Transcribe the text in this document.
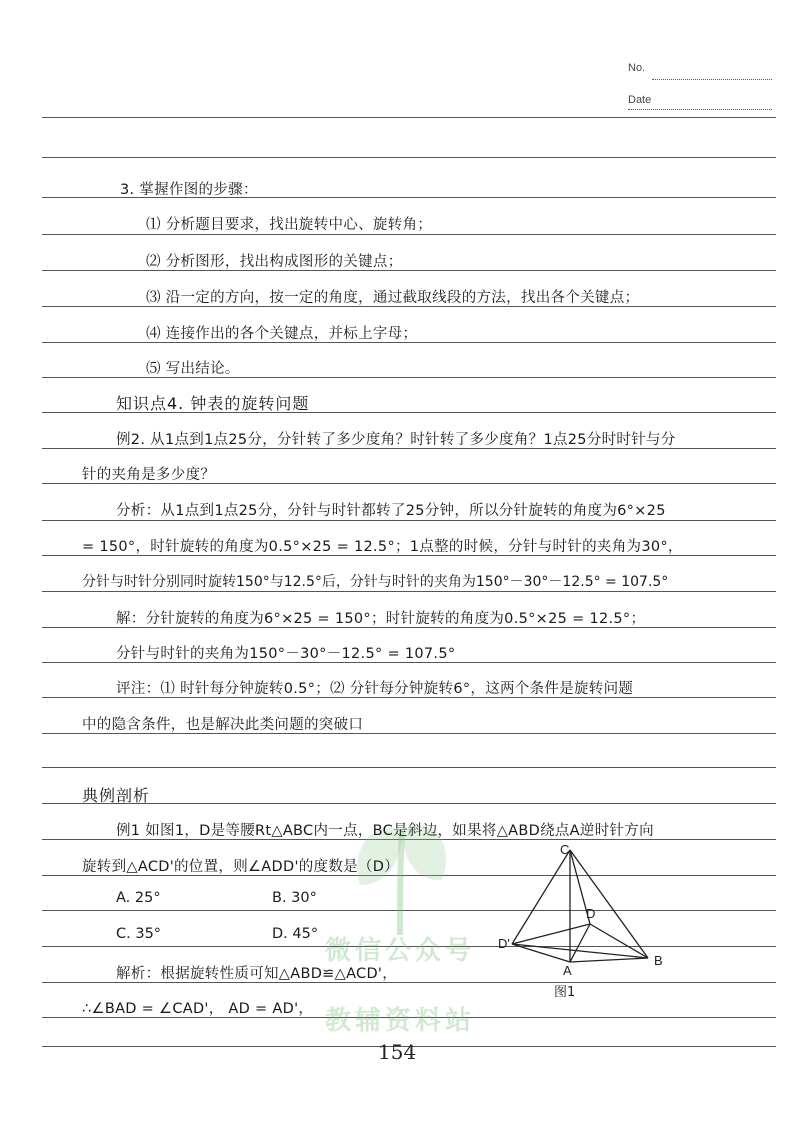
No.
Date
微信公众号
教辅资料站
3. 掌握作图的步骤：
⑴ 分析题目要求，找出旋转中心、旋转角；
⑵ 分析图形，找出构成图形的关键点；
⑶ 沿一定的方向，按一定的角度，通过截取线段的方法，找出各个关键点；
⑷ 连接作出的各个关键点，并标上字母；
⑸ 写出结论。
知识点4. 钟表的旋转问题
例2. 从1点到1点25分，分针转了多少度角？时针转了多少度角？1点25分时时针与分
针的夹角是多少度？
分析：从1点到1点25分，分针与时针都转了25分钟，所以分针旋转的角度为6°×25
= 150°，时针旋转的角度为0.5°×25 = 12.5°；1点整的时候，分针与时针的夹角为30°，
分针与时针分别同时旋转150°与12.5°后，分针与时针的夹角为150°－30°－12.5° = 107.5°
解：分针旋转的角度为6°×25 = 150°；时针旋转的角度为0.5°×25 = 12.5°；
分针与时针的夹角为150°－30°－12.5° = 107.5°
评注：⑴ 时针每分钟旋转0.5°；⑵ 分针每分钟旋转6°，这两个条件是旋转问题
中的隐含条件，也是解决此类问题的突破口
典例剖析
例1 如图1，D是等腰Rt△ABC内一点，BC是斜边，如果将△ABD绕点A逆时针方向
旋转到△ACD'的位置，则∠ADD'的度数是（D）
A. 25°	B. 30°
C. 35°	D. 45°
解析：根据旋转性质可知△ABD≌△ACD'，
∴∠BAD = ∠CAD'， AD = AD'，
C
D
D'
A
B
图1
154
